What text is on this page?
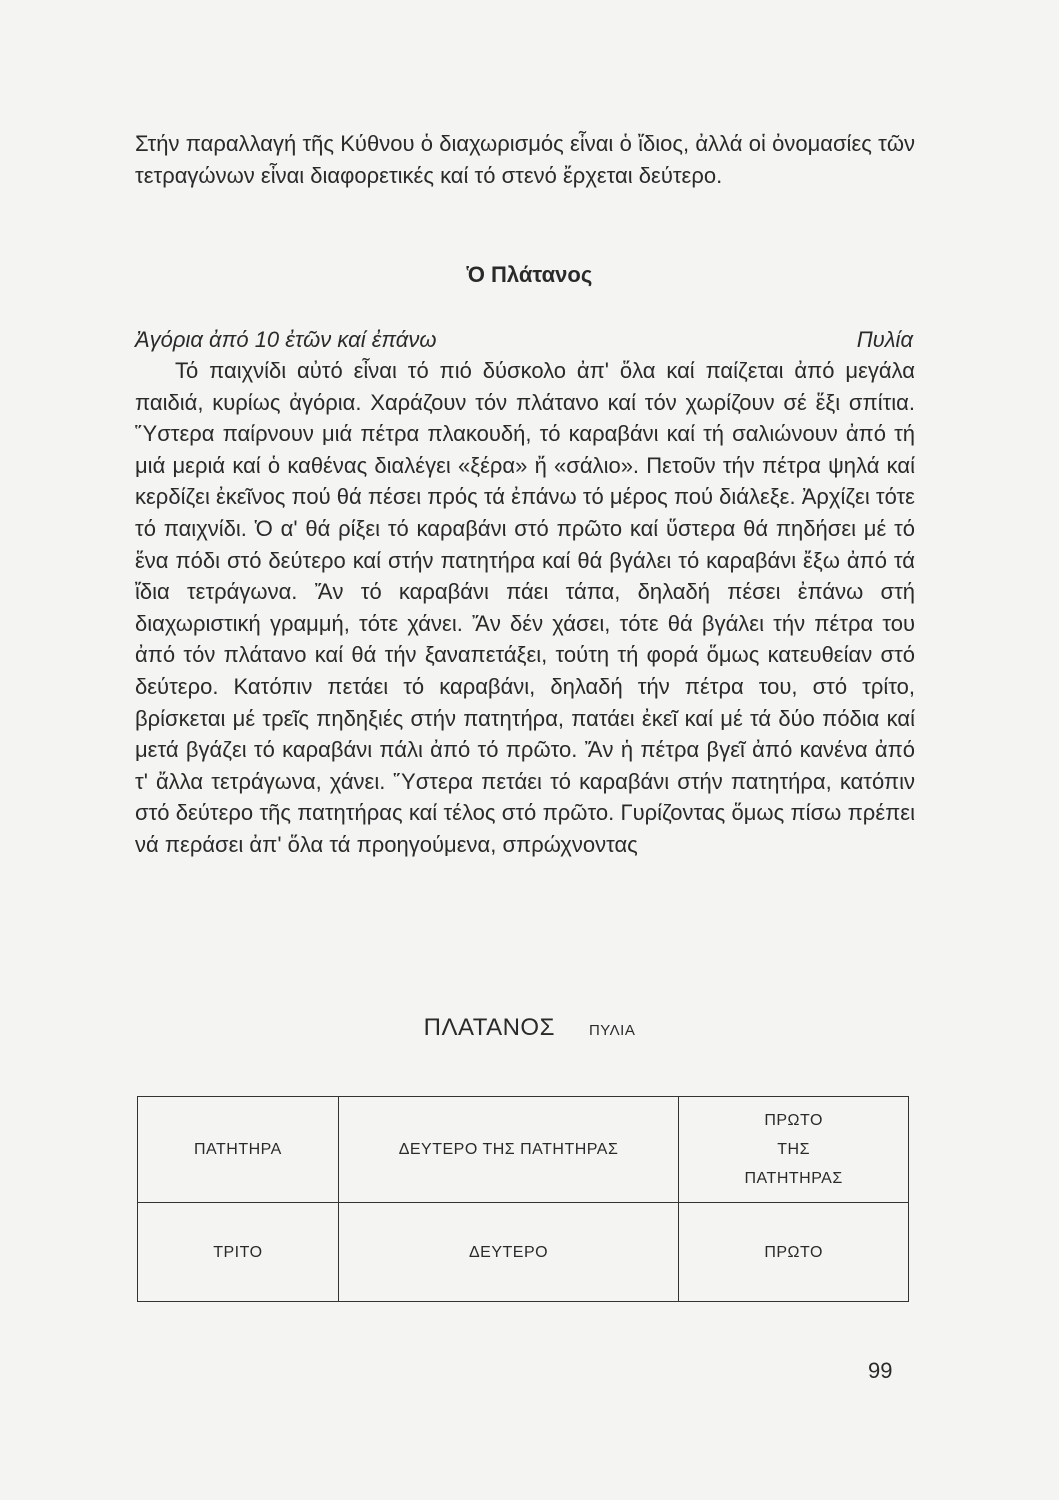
Στήν παραλλαγή τῆς Κύθνου ὁ διαχωρισμός εἶναι ὁ ἴδιος, ἀλλά οἱ ὀνομασίες τῶν τετραγώνων εἶναι διαφορετικές καί τό στενό ἔρχεται δεύτερο.

Ὁ Πλάτανος
Ἀγόρια ἀπό 10 ἐτῶν καί ἐπάνω	Πυλία

Τό παιχνίδι αὐτό εἶναι τό πιό δύσκολο ἀπ' ὅλα καί παίζεται ἀπό μεγάλα παιδιά, κυρίως ἀγόρια. Χαράζουν τόν πλάτανο καί τόν χωρίζουν σέ ἕξι σπίτια. Ὕστερα παίρνουν μιά πέτρα πλακουδή, τό καραβάνι καί τή σαλιώνουν ἀπό τή μιά μεριά καί ὁ καθένας διαλέγει «ξέρα» ἤ «σάλιο». Πετοῦν τήν πέτρα ψηλά καί κερδίζει ἐκεῖνος πού θά πέσει πρός τά ἐπάνω τό μέρος πού διάλεξε. Ἀρχίζει τότε τό παιχνίδι. Ὁ α' θά ρίξει τό καραβάνι στό πρῶτο καί ὕστερα θά πηδήσει μέ τό ἕνα πόδι στό δεύτερο καί στήν πατητήρα καί θά βγάλει τό καραβάνι ἔξω ἀπό τά ἴδια τετράγωνα. Ἄν τό καραβάνι πάει τάπα, δηλαδή πέσει ἐπάνω στή διαχωριστική γραμμή, τότε χάνει. Ἄν δέν χάσει, τότε θά βγάλει τήν πέτρα του ἀπό τόν πλάτανο καί θά τήν ξαναπετάξει, τούτη τή φορά ὅμως κατευθείαν στό δεύτερο. Κατόπιν πετάει τό καραβάνι, δηλαδή τήν πέτρα του, στό τρίτο, βρίσκεται μέ τρεῖς πηδηξιές στήν πατητήρα, πατάει ἐκεῖ καί μέ τά δύο πόδια καί μετά βγάζει τό καραβάνι πάλι ἀπό τό πρῶτο. Ἄν ἡ πέτρα βγεῖ ἀπό κανένα ἀπό τ' ἄλλα τετράγωνα, χάνει. Ὕστερα πετάει τό καραβάνι στήν πατητήρα, κατόπιν στό δεύτερο τῆς πατητήρας καί τέλος στό πρῶτο. Γυρίζοντας ὅμως πίσω πρέπει νά περάσει ἀπ' ὅλα τά προηγούμενα, σπρώχνοντας

ΠΛΑΤΑΝΟΣ ΠΥΛΙΑ
ΠΑΤΗΤΗΡΑ	ΔΕΥΤΕΡΟ ΤΗΣ ΠΑΤΗΤΗΡΑΣ	ΠΡΩΤΟ
ΤΗΣ
ΠΑΤΗΤΗΡΑΣ

ΤΡΙΤΟ	ΔΕΥΤΕΡΟ	ΠΡΩΤΟ
99
